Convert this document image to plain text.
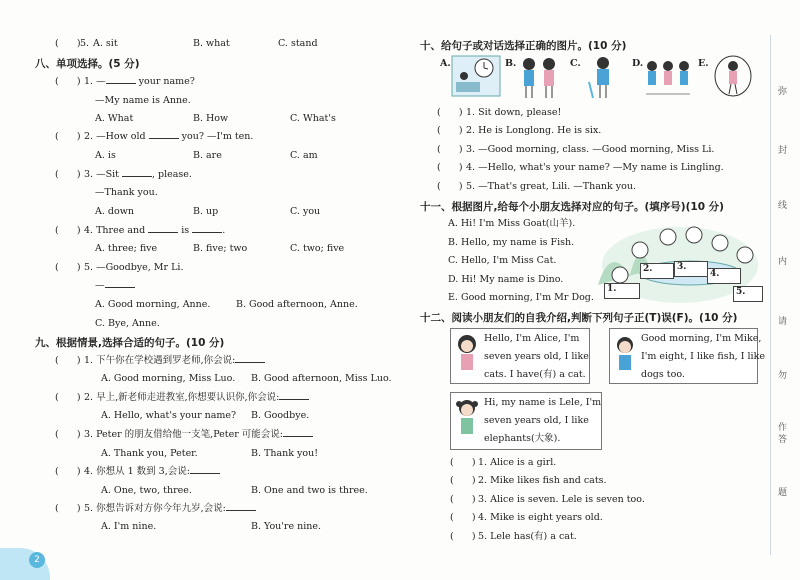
(      ) 5. A. sit	B. what	C. stand
八、单项选择。(5 分)
(      ) 1. —	your name?
—My name is Anne.
A. What	B. How	C. What's
(      ) 2. —How old	you? —I'm ten.
A. is	B. are	C. am
(      ) 3. —Sit	, please.
—Thank you.
A. down	B. up	C. you
(      ) 4. Three and	is	.
A. three; five	B. five; two	C. two; five
(      ) 5. —Goodbye, Mr Li.
—
A. Good morning, Anne.	B. Good afternoon, Anne.
C. Bye, Anne.
九、根据情景,选择合适的句子。(10 分)
(      ) 1. 下午你在学校遇到罗老师,你会说:
A. Good morning, Miss Luo. B. Good afternoon, Miss Luo.
(      ) 2. 早上,新老师走进教室,你想要认识你,你会说:
A. Hello, what's your name? B. Goodbye.
(      ) 3. Peter 的朋友借给他一支笔,Peter 可能会说:
A. Thank you, Peter.	B. Thank you!
(      ) 4. 你想从 1 数到 3,会说:
A. One, two, three.	B. One and two is three.
(      ) 5. 你想告诉对方你今年九岁,会说:
A. I'm nine.	B. You're nine.
十、给句子或对话选择正确的图片。(10 分)
A.	B.	C.	D.	E.
(      ) 1. Sit down, please!
(      ) 2. He is Longlong. He is six.
(      ) 3. —Good morning, class. —Good morning, Miss Li.
(      ) 4. —Hello, what's your name? —My name is Lingling.
(      ) 5. —That's great, Lili. —Thank you.
十一、根据图片,给每个小朋友选择对应的句子。(填序号)(10 分)
A. Hi! I'm Miss Goat(山羊).
B. Hello, my name is Fish.
C. Hello, I'm Miss Cat.
D. Hi! My name is Dino.
E. Good morning, I'm Mr Dog.
1.
2.	3.
4.
5.
十二、阅读小朋友们的自我介绍,判断下列句子正(T)误(F)。(10 分)
Hello, I'm Alice, I'm
seven years old, I like
cats. I have(有) a cat.
Good morning, I'm Mike,
I'm eight, I like fish, I like
dogs too.
Hi, my name is Lele, I'm
seven years old, I like
elephants(大象).
(      ) 1. Alice is a girl.
(      ) 2. Mike likes fish and cats.
(      ) 3. Alice is seven. Lele is seven too.
(      ) 4. Mike is eight years old.
(      ) 5. Lele has(有) a cat.
弥
封
线
内
请
勿
作
答
题
2
